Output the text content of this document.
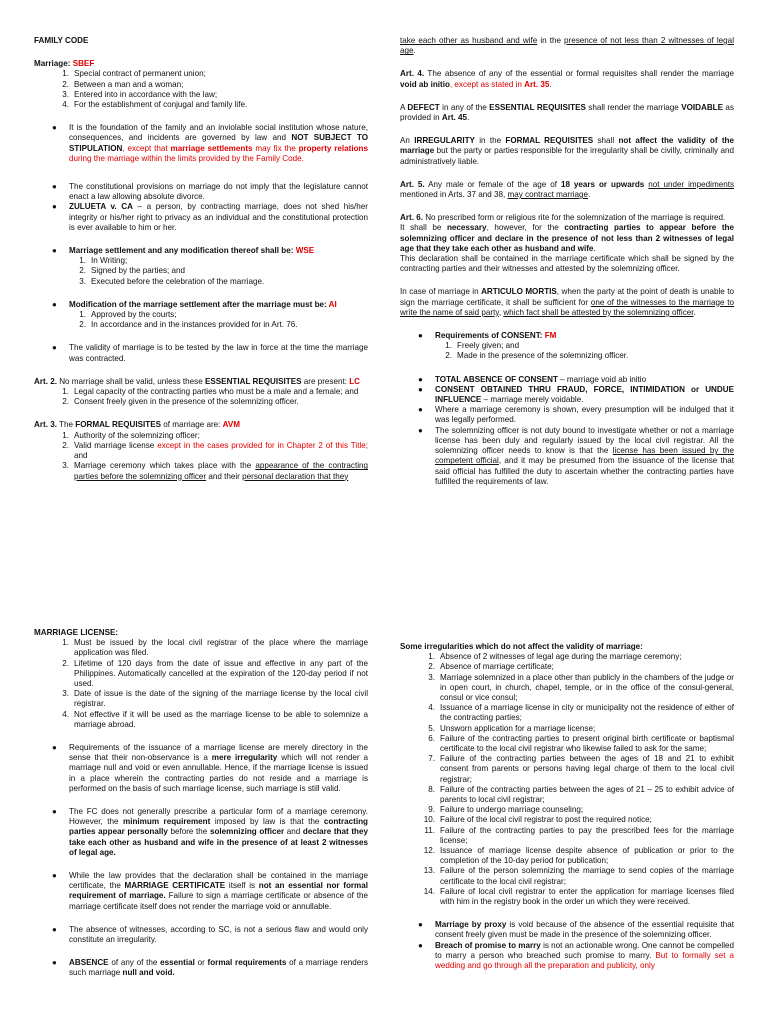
FAMILY CODE

Marriage: SBEF

1. Special contract of permanent union;
2. Between a man and a woman;
3. Entered into in accordance with the law;
4. For the establishment of conjugal and family life.
●	It is the foundation of the family and an inviolable social institution whose nature, consequences, and incidents are governed by law and NOT SUBJECT TO STIPULATION, except that marriage settlements may fix the property relations during the marriage within the limits provided by the Family Code.
●	The constitutional provisions on marriage do not imply that the legislature cannot enact a law allowing absolute divorce.
●	ZULUETA v. CA – a person, by contracting marriage, does not shed his/her integrity or his/her right to privacy as an individual and the constitutional protection is ever available to him or her.
●	Marriage settlement and any modification thereof shall be: WSE
1. In Writing;
2. Signed by the parties; and
3. Executed before the celebration of the marriage.
●	Modification of the marriage settlement after the marriage must be: AI
1. Approved by the courts;
2. In accordance and in the instances provided for in Art. 76.
●	The validity of marriage is to be tested by the law in force at the time the marriage was contracted.

Art. 2. No marriage shall be valid, unless these ESSENTIAL REQUISITES are present: LC

1. Legal capacity of the contracting parties who must be a male and a female; and
2. Consent freely given in the presence of the solemnizing officer.

Art. 3. The FORMAL REQUISITES of marriage are: AVM

1. Authority of the solemnizing officer;
2. Valid marriage license except in the cases provided for in Chapter 2 of this Title; and
3. Marriage ceremony which takes place with the appearance of the contracting parties before the solemnizing officer and their personal declaration that they

take each other as husband and wife in the presence of not less than 2 witnesses of legal age.

Art. 4. The absence of any of the essential or formal requisites shall render the marriage void ab initio, except as stated in Art. 35.

A DEFECT in any of the ESSENTIAL REQUISITES shall render the marriage VOIDABLE as provided in Art. 45.

An IRREGULARITY in the FORMAL REQUISITES shall not affect the validity of the marriage but the party or parties responsible for the irregularity shall be civilly, criminally and administratively liable.

Art. 5. Any male or female of the age of 18 years or upwards not under impediments mentioned in Arts. 37 and 38, may contract marriage.

Art. 6. No prescribed form or religious rite for the solemnization of the marriage is required.

It shall be necessary, however, for the contracting parties to appear before the solemnizing officer and declare in the presence of not less than 2 witnesses of legal age that they take each other as husband and wife.

This declaration shall be contained in the marriage certificate which shall be signed by the contracting parties and their witnesses and attested by the solemnizing officer.

In case of marriage in ARTICULO MORTIS, when the party at the point of death is unable to sign the marriage certificate, it shall be sufficient for one of the witnesses to the marriage to write the name of said party, which fact shall be attested by the solemnizing officer.

●	Requirements of CONSENT: FM
1. Freely given; and
2. Made in the presence of the solemnizing officer.
●	TOTAL ABSENCE OF CONSENT – marriage void ab initio
●	CONSENT OBTAINED THRU FRAUD, FORCE, INTIMIDATION or UNDUE INFLUENCE – marriage merely voidable.
●	Where a marriage ceremony is shown, every presumption will be indulged that it was legally performed.
●	The solemnizing officer is not duty bound to investigate whether or not a marriage license has been duly and regularly issued by the local civil registrar. All the solemnizing officer needs to know is that the license has been issued by the competent official, and it may be presumed from the issuance of the license that said official has fulfilled the duty to ascertain whether the contracting parties have fulfilled the requirements of law.

MARRIAGE LICENSE:

1. Must be issued by the local civil registrar of the place where the marriage application was filed.
2. Lifetime of 120 days from the date of issue and effective in any part of the Philippines. Automatically cancelled at the expiration of the 120-day period if not used.
3. Date of issue is the date of the signing of the marriage license by the local civil registrar.
4. Not effective if it will be used as the marriage license to be able to solemnize a marriage abroad.
●	Requirements of the issuance of a marriage license are merely directory in the sense that their non-observance is a mere irregularity which will not render a marriage null and void or even annullable. Hence, if the marriage license is issued in a place wherein the contracting parties do not reside and a marriage is performed on the basis of such marriage license, such marriage is still valid.
●	The FC does not generally prescribe a particular form of a marriage ceremony. However, the minimum requirement imposed by law is that the contracting parties appear personally before the solemnizing officer and declare that they take each other as husband and wife in the presence of at least 2 witnesses of legal age.
●	While the law provides that the declaration shall be contained in the marriage certificate, the MARRIAGE CERTIFICATE itself is not an essential nor formal requirement of marriage. Failure to sign a marriage certificate or absence of the marriage certificate itself does not render the marriage void or annullable.
●	The absence of witnesses, according to SC, is not a serious flaw and would only constitute an irregularity.
●	ABSENCE of any of the essential or formal requirements of a marriage renders such marriage null and void.

Some irregularities which do not affect the validity of marriage:

1. Absence of 2 witnesses of legal age during the marriage ceremony;
2. Absence of marriage certificate;
3. Marriage solemnized in a place other than publicly in the chambers of the judge or in open court, in church, chapel, temple, or in the office of the consul-general, consul or vice consul;
4. Issuance of a marriage license in city or municipality not the residence of either of the contracting parties;
5. Unsworn application for a marriage license;
6. Failure of the contracting parties to present original birth certificate or baptismal certificate to the local civil registrar who likewise failed to ask for the same;
7. Failure of the contracting parties between the ages of 18 and 21 to exhibit consent from parents or persons having legal charge of them to the local civil registrar;
8. Failure of the contracting parties between the ages of 21 – 25 to exhibit advice of parents to local civil registrar;
9. Failure to undergo marriage counseling;
10. Failure of the local civil registrar to post the required notice;
11. Failure of the contracting parties to pay the prescribed fees for the marriage license;
12. Issuance of marriage license despite absence of publication or prior to the completion of the 10-day period for publication;
13. Failure of the person solemnizing the marriage to send copies of the marriage certificate to the local civil registrar;
14. Failure of local civil registrar to enter the application for marriage licenses filed with him in the registry book in the order un which they were received.
●	Marriage by proxy is void because of the absence of the essential requisite that consent freely given must be made in the presence of the solemnizing officer.
●	Breach of promise to marry is not an actionable wrong. One cannot be compelled to marry a person who breached such promise to marry. But to formally set a wedding and go through all the preparation and publicity, only
